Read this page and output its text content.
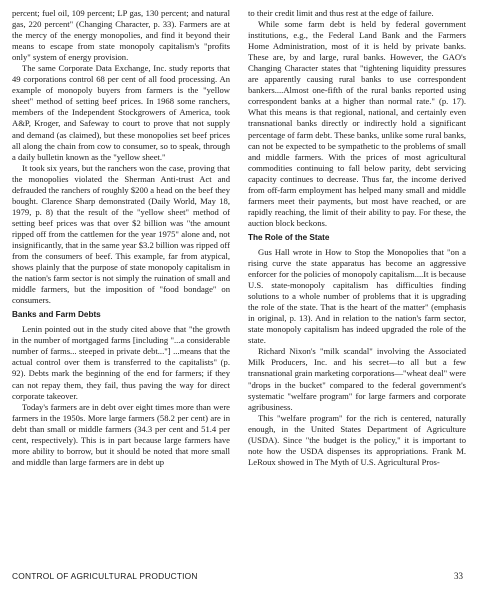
percent; fuel oil, 109 percent; LP gas, 130 percent; and natural gas, 220 percent" (Changing Character, p. 33). Farmers are at the mercy of the energy monopolies, and find it beyond their means to escape from state monopoly capitalism's "profits only" system of energy provision.

The same Corporate Data Exchange, Inc. study reports that 49 corporations control 68 per cent of all food processing. An example of monopoly buyers from farmers is the "yellow sheet" method of setting beef prices. In 1968 some ranchers, members of the Independent Stockgrowers of America, took A&P, Kroger, and Safeway to court to prove that not supply and demand (as claimed), but these monopolies set beef prices all along the chain from cow to consumer, so to speak, through a daily bulletin known as the "yellow sheet."

It took six years, but the ranchers won the case, proving that the monopolies violated the Sherman Anti-trust Act and defrauded the ranchers of roughly $200 a head on the beef they bought. Clarence Sharp demonstrated (Daily World, May 18, 1979, p. 8) that the result of the "yellow sheet" method of setting beef prices was that over $2 billion was "the amount ripped off from the cattlemen for the year 1975" alone and, not insignificantly, that in the same year $3.2 billion was ripped off from the consumers of beef. This example, far from atypical, shows plainly that the purpose of state monopoly capitalism in the nation's farm sector is not simply the ruination of small and middle farmers, but the imposition of "food bondage" on consumers.

Banks and Farm Debts

Lenin pointed out in the study cited above that "the growth in the number of mortgaged farms [including "...a considerable number of farms... steeped in private debt..."] ...means that the actual control over them is transferred to the capitalists" (p. 92). Debts mark the beginning of the end for farmers; if they can not repay them, they fail, thus paving the way for direct corporate takeover.

Today's farmers are in debt over eight times more than were farmers in the 1950s. More large farmers (58.2 per cent) are in debt than small or middle farmers (34.3 per cent and 51.4 per cent, respectively). This is in part because large farmers have more ability to borrow, but it should be noted that more small and middle than large farmers are in debt up

to their credit limit and thus rest at the edge of failure.

While some farm debt is held by federal government institutions, e.g., the Federal Land Bank and the Farmers Home Administration, most of it is held by private banks. These are, by and large, rural banks. However, the GAO's Changing Character states that "tightening liquidity pressures are apparently causing rural banks to use correspondent bankers....Almost one-fifth of the rural banks reported using correspondent banks at a higher than normal rate." (p. 17). What this means is that regional, national, and certainly even transnational banks directly or indirectly hold a significant percentage of farm debt. These banks, unlike some rural banks, can not be expected to be sympathetic to the problems of small and middle farmers. With the prices of most agricultural commodities continuing to fall below parity, debt servicing capacity continues to decrease. Thus far, the income derived from off-farm employment has helped many small and middle farmers meet their payments, but most have reached, or are rapidly reaching, the limit of their ability to pay. For these, the auction block beckons.

The Role of the State

Gus Hall wrote in How to Stop the Monopolies that "on a rising curve the state apparatus has become an aggressive enforcer for the policies of monopoly capitalism....It is because U.S. state-monopoly capitalism has difficulties finding solutions to a whole number of problems that it is upgrading the role of the state. That is the heart of the matter" (emphasis in original, p. 13). And in relation to the nation's farm sector, state monopoly capitalism has indeed upgraded the role of the state.

Richard Nixon's "milk scandal" involving the Associated Milk Producers, Inc. and his secret—to all but a few transnational grain marketing corporations—"wheat deal" were "drops in the bucket" compared to the federal government's systematic "welfare program" for large farmers and corporate agribusiness.

This "welfare program" for the rich is centered, naturally enough, in the United States Department of Agriculture (USDA). Since "the budget is the policy," it is important to note how the USDA dispenses its appropriations. Frank M. LeRoux showed in The Myth of U.S. Agricultural Pros-

CONTROL OF AGRICULTURAL PRODUCTION	33
